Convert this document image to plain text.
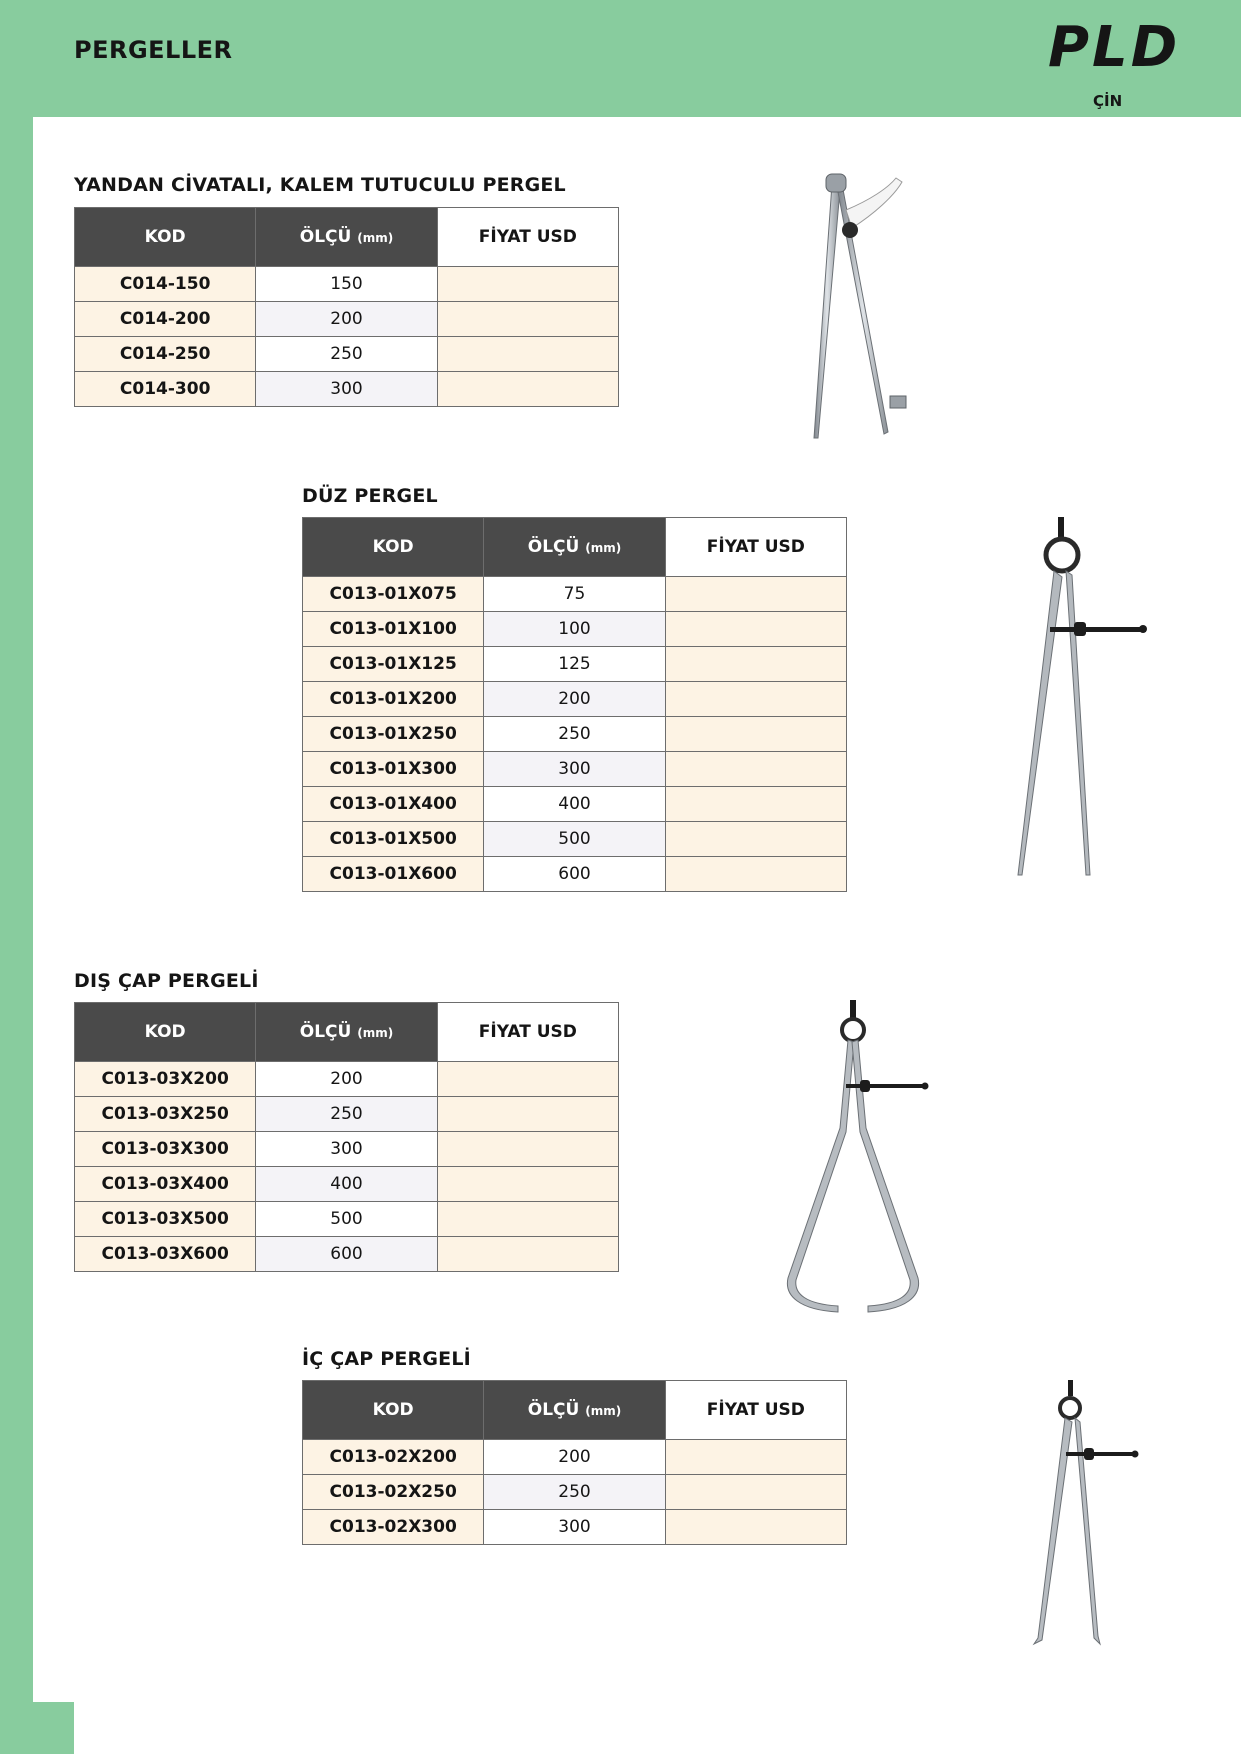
PERGELLER	PLD
ÇİN
YANDAN CİVATALI, KALEM TUTUCULU PERGEL
KOD	ÖLÇÜ (mm)	FİYAT USD
C014-150	150	
C014-200	200	
C014-250	250	
C014-300	300	
DÜZ PERGEL
KOD	ÖLÇÜ (mm)	FİYAT USD
C013-01X075	75	
C013-01X100	100	
C013-01X125	125	
C013-01X200	200	
C013-01X250	250	
C013-01X300	300	
C013-01X400	400	
C013-01X500	500	
C013-01X600	600	
DIŞ ÇAP PERGELİ
KOD	ÖLÇÜ (mm)	FİYAT USD
C013-03X200	200	
C013-03X250	250	
C013-03X300	300	
C013-03X400	400	
C013-03X500	500	
C013-03X600	600	
İÇ ÇAP PERGELİ
KOD	ÖLÇÜ (mm)	FİYAT USD
C013-02X200	200	
C013-02X250	250	
C013-02X300	300	
